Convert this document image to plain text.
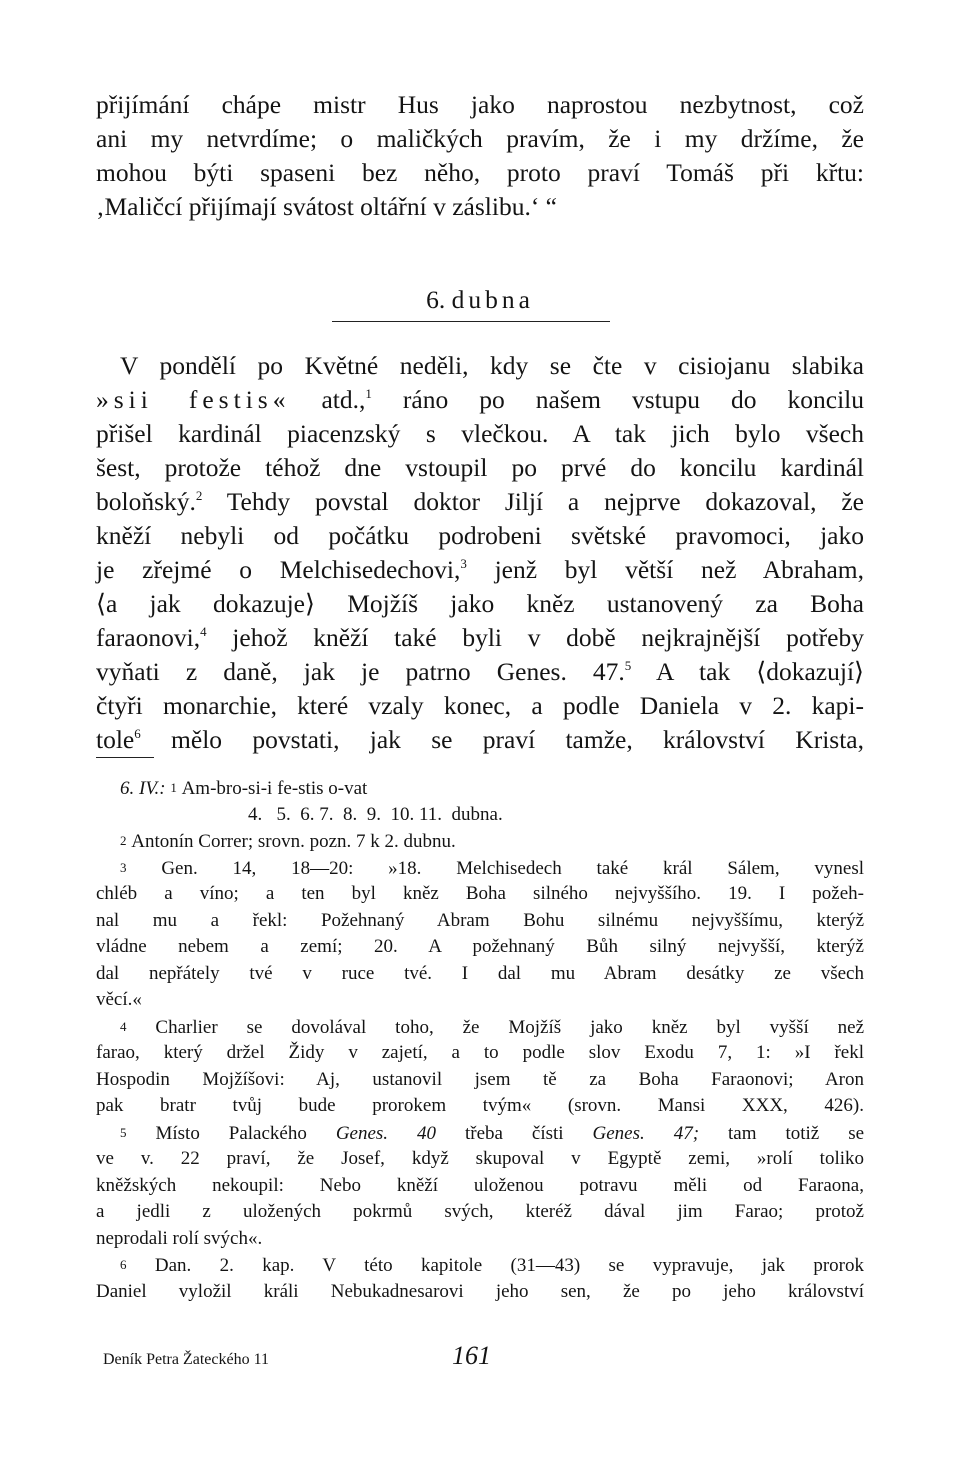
přijímání chápe mistr Hus jako naprostou nezbytnost, což
ani my netvrdíme; o maličkých pravím, že i my držíme, že
mohou býti spaseni bez něho, proto praví Tomáš při křtu:
‚Maličcí přijímají svátost oltářní v záslibu.‘ “
6. dubna
V pondělí po Květné neděli, kdy se čte v cisiojanu slabika
»sii festis« atd.,$^1$ ráno po našem vstupu do koncilu
přišel kardinál piacenzský s vlečkou. A tak jich bylo všech
šest, protože téhož dne vstoupil po prvé do koncilu kardinál
boloňský.$^2$ Tehdy povstal doktor Jiljí a nejprve dokazoval, že
kněží nebyli od počátku podrobeni světské pravomoci, jako
je zřejmé o Melchisedechovi,$^3$ jenž byl větší než Abraham,
⟨a jak dokazuje⟩ Mojžíš jako kněz ustanovený za Boha
faraonovi,$^4$ jehož kněží také byli v době nejkrajnější potřeby
vyňati z daně, jak je patrno Genes. 47.$^5$ A tak ⟨dokazují⟩
čtyři monarchie, které vzaly konec, a podle Daniela v 2. kapi-
tole$^6$ mělo povstati, jak se praví tamže, království Krista,
6. IV.: 1 Am-bro-si-i fe-stis o-vat
4.   5.  6. 7.  8.  9.  10. 11.  dubna.
2 Antonín Correr; srovn. pozn. 7 k 2. dubnu.
3 Gen. 14, 18—20: »18. Melchisedech také král Sálem, vynesl
chléb a víno; a ten byl kněz Boha silného nejvyššího. 19. I požeh-
nal mu a řekl: Požehnaný Abram Bohu silnému nejvyššímu, kterýž
vládne nebem a zemí; 20. A požehnaný Bůh silný nejvyšší, kterýž
dal nepřátely tvé v ruce tvé. I dal mu Abram desátky ze všech
věcí.«
4 Charlier se dovolával toho, že Mojžíš jako kněz byl vyšší než
farao, který držel Židy v zajetí, a to podle slov Exodu 7, 1: »I řekl
Hospodin Mojžíšovi: Aj, ustanovil jsem tě za Boha Faraonovi; Aron
pak bratr tvůj bude prorokem tvým« (srovn. Mansi XXX, 426).
5 Místo Palackého Genes. 40 třeba čísti Genes. 47; tam totiž se
ve v. 22 praví, že Josef, když skupoval v Egyptě zemi, »rolí toliko
kněžských nekoupil: Nebo kněží uloženou potravu měli od Faraona,
a jedli z uložených pokrmů svých, kteréž dával jim Farao; protož
neprodali rolí svých«.
6 Dan. 2. kap. V této kapitole (31—43) se vypravuje, jak prorok
Daniel vyložil králi Nebukadnesarovi jeho sen, že po jeho království
Deník Petra Žateckého 11	161
